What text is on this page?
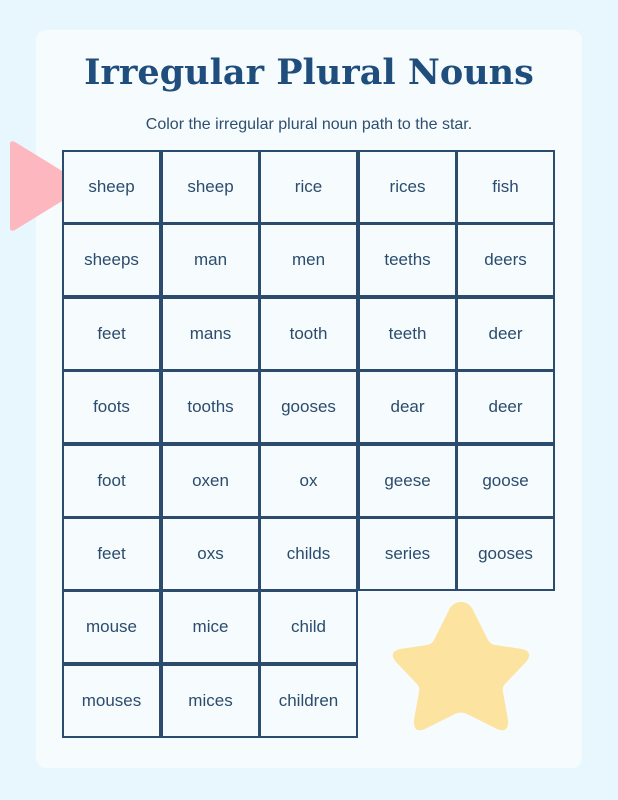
Irregular Plural Nouns

Color the irregular plural noun path to the star.

sheep	sheep	rice	rices	fish
sheeps	man	men	teeths	deers
feet	mans	tooth	teeth	deer
foots	tooths	gooses	dear	deer
foot	oxen	ox	geese	goose
feet	oxs	childs	series	gooses
mouse	mice	child
mouses	mices	children
